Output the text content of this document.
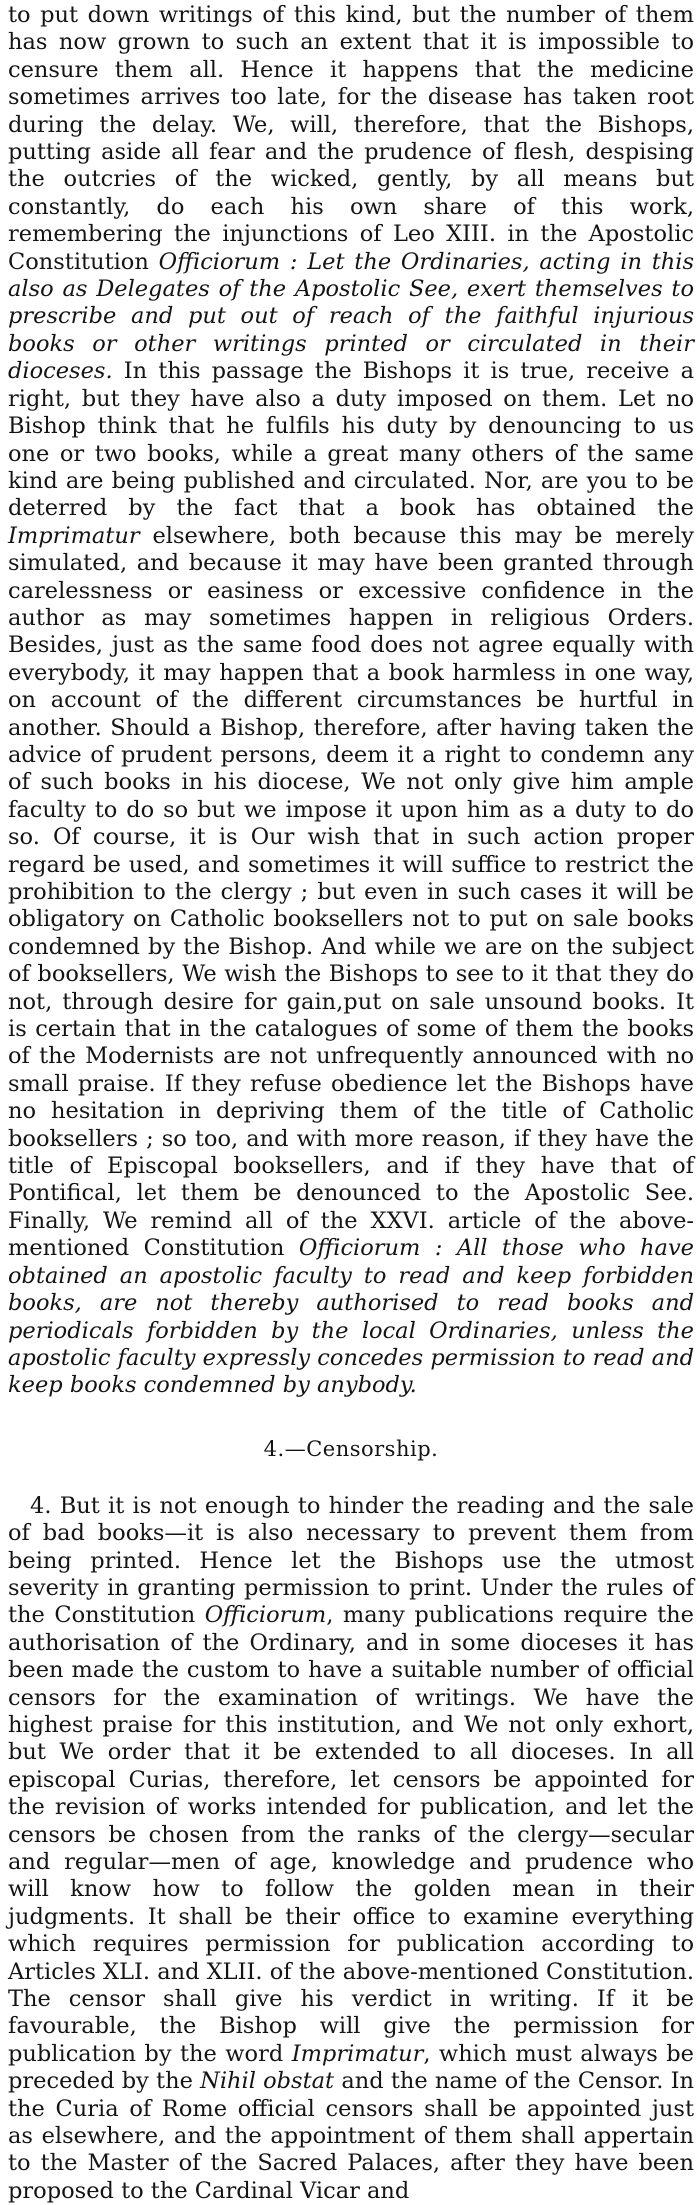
to put down writings of this kind, but the number of them has now grown to such an extent that it is impossible to censure them all. Hence it happens that the medicine sometimes arrives too late, for the disease has taken root during the delay. We, will, therefore, that the Bishops, putting aside all fear and the prudence of flesh, despising the outcries of the wicked, gently, by all means but constantly, do each his own share of this work, remembering the injunctions of Leo XIII. in the Apostolic Constitution Officiorum : Let the Ordinaries, acting in this also as Delegates of the Apostolic See, exert themselves to prescribe and put out of reach of the faithful injurious books or other writings printed or circulated in their dioceses. In this passage the Bishops it is true, receive a right, but they have also a duty imposed on them. Let no Bishop think that he fulfils his duty by denouncing to us one or two books, while a great many others of the same kind are being published and circulated. Nor, are you to be deterred by the fact that a book has obtained the Imprimatur elsewhere, both because this may be merely simulated, and because it may have been granted through carelessness or easiness or excessive confidence in the author as may sometimes happen in religious Orders. Besides, just as the same food does not agree equally with everybody, it may happen that a book harmless in one way, on account of the different circumstances be hurtful in another. Should a Bishop, therefore, after having taken the advice of prudent persons, deem it a right to condemn any of such books in his diocese, We not only give him ample faculty to do so but we impose it upon him as a duty to do so. Of course, it is Our wish that in such action proper regard be used, and sometimes it will suffice to restrict the prohibition to the clergy ; but even in such cases it will be obligatory on Catholic booksellers not to put on sale books condemned by the Bishop. And while we are on the subject of booksellers, We wish the Bishops to see to it that they do not, through desire for gain,put on sale unsound books. It is certain that in the catalogues of some of them the books of the Modernists are not unfrequently announced with no small praise. If they refuse obedience let the Bishops have no hesitation in depriving them of the title of Catholic booksellers ; so too, and with more reason, if they have the title of Episcopal booksellers, and if they have that of Pontifical, let them be denounced to the Apostolic See. Finally, We remind all of the XXVI. article of the above-mentioned Constitution Officiorum : All those who have obtained an apostolic faculty to read and keep forbidden books, are not thereby authorised to read books and periodicals forbidden by the local Ordinaries, unless the apostolic faculty expressly concedes permission to read and keep books condemned by anybody.

4.—Censorship.

4. But it is not enough to hinder the reading and the sale of bad books—it is also necessary to prevent them from being printed. Hence let the Bishops use the utmost severity in granting permission to print. Under the rules of the Constitution Officiorum, many publications require the authorisation of the Ordinary, and in some dioceses it has been made the custom to have a suitable number of official censors for the examination of writings. We have the highest praise for this institution, and We not only exhort, but We order that it be extended to all dioceses. In all episcopal Curias, therefore, let censors be appointed for the revision of works intended for publication, and let the censors be chosen from the ranks of the clergy—secular and regular—men of age, knowledge and prudence who will know how to follow the golden mean in their judgments. It shall be their office to examine everything which requires permission for publication according to Articles XLI. and XLII. of the above-mentioned Constitution. The censor shall give his verdict in writing. If it be favourable, the Bishop will give the permission for publication by the word Imprimatur, which must always be preceded by the Nihil obstat and the name of the Censor. In the Curia of Rome official censors shall be appointed just as elsewhere, and the appointment of them shall appertain to the Master of the Sacred Palaces, after they have been proposed to the Cardinal Vicar and
